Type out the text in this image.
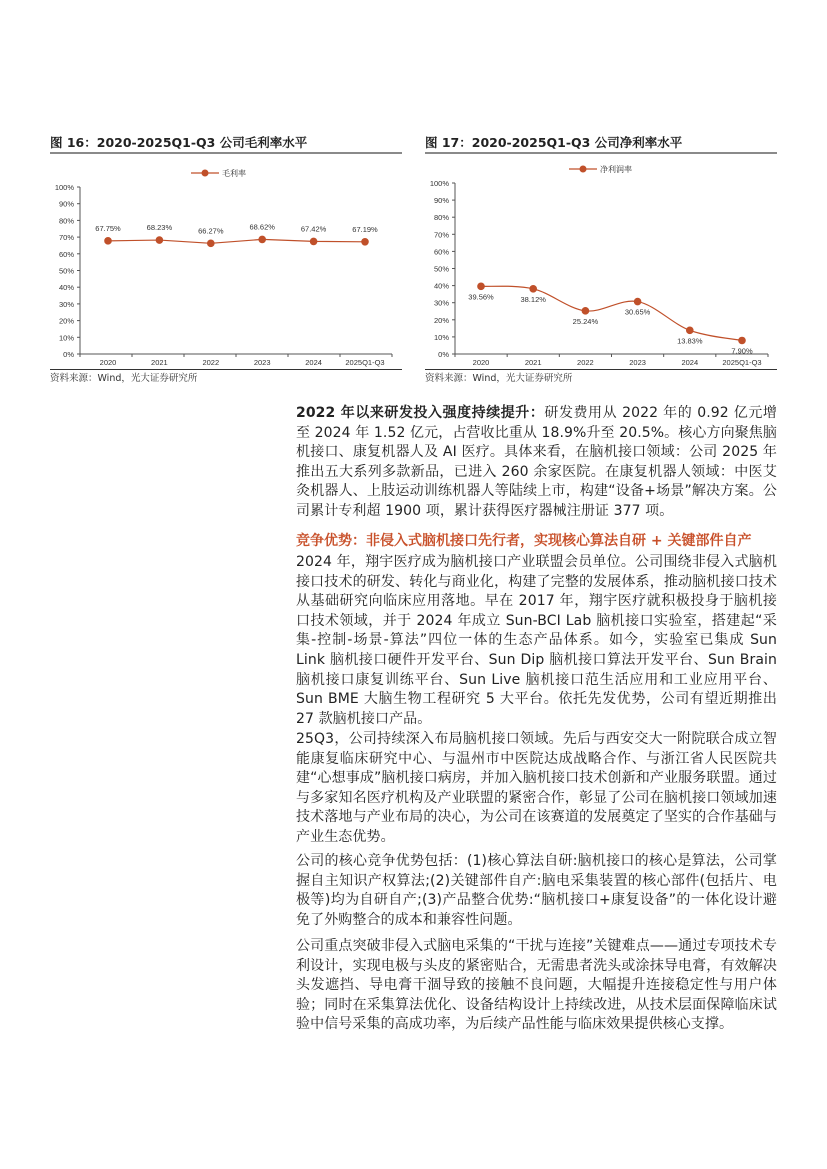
图 16：2020-2025Q1-Q3 公司毛利率水平
资料来源：Wind，光大证券研究所
图 17：2020-2025Q1-Q3 公司净利率水平
资料来源：Wind，光大证券研究所
0%
10%
20%
30%
40%
50%
60%
70%
80%
90%
100%
2020	2021	2022	2023	2024	2025Q1-Q3
毛利率
67.75%	68.23%	66.27%	68.62%	67.42%	67.19%
0%
10%
20%
30%
40%
50%
60%
70%
80%
90%
100%
2020	2021	2022	2023	2024	2025Q1-Q3
净利润率
39.56%	38.12%
25.24%
30.65%
13.83%
7.90%
2022 年以来研发投入强度持续提升：研发费用从 2022 年的 0.92 亿元增至 2024 年 1.52 亿元，占营收比重从 18.9%升至 20.5%。核心方向聚焦脑机接口、康复机器人及 AI 医疗。具体来看，在脑机接口领域：公司 2025 年推出五大系列多款新品，已进入 260 余家医院。在康复机器人领域：中医艾灸机器人、上肢运动训练机器人等陆续上市，构建“设备+场景”解决方案。公司累计专利超 1900 项，累计获得医疗器械注册证 377 项。
竞争优势：非侵入式脑机接口先行者，实现核心算法自研 + 关键部件自产
2024 年，翔宇医疗成为脑机接口产业联盟会员单位。公司围绕非侵入式脑机接口技术的研发、转化与商业化，构建了完整的发展体系，推动脑机接口技术从基础研究向临床应用落地。早在 2017 年，翔宇医疗就积极投身于脑机接口技术领域，并于 2024 年成立 Sun-BCI Lab 脑机接口实验室，搭建起“采集-控制-场景-算法”四位一体的生态产品体系。如今，实验室已集成 Sun Link 脑机接口硬件开发平台、Sun Dip 脑机接口算法开发平台、Sun Brain 脑机接口康复训练平台、Sun Live 脑机接口范生活应用和工业应用平台、Sun BME 大脑生物工程研究 5 大平台。依托先发优势，公司有望近期推出 27 款脑机接口产品。
25Q3，公司持续深入布局脑机接口领域。先后与西安交大一附院联合成立智能康复临床研究中心、与温州市中医院达成战略合作、与浙江省人民医院共建“心想事成”脑机接口病房，并加入脑机接口技术创新和产业服务联盟。通过与多家知名医疗机构及产业联盟的紧密合作，彰显了公司在脑机接口领域加速技术落地与产业布局的决心，为公司在该赛道的发展奠定了坚实的合作基础与产业生态优势。
公司的核心竞争优势包括：(1)核心算法自研:脑机接口的核心是算法，公司掌握自主知识产权算法;(2)关键部件自产:脑电采集装置的核心部件(包括片、电极等)均为自研自产;(3)产品整合优势:“脑机接口+康复设备”的一体化设计避免了外购整合的成本和兼容性问题。
公司重点突破非侵入式脑电采集的“干扰与连接”关键难点——通过专项技术专利设计，实现电极与头皮的紧密贴合，无需患者洗头或涂抹导电膏，有效解决头发遮挡、导电膏干涸导致的接触不良问题，大幅提升连接稳定性与用户体验；同时在采集算法优化、设备结构设计上持续改进，从技术层面保障临床试验中信号采集的高成功率，为后续产品性能与临床效果提供核心支撑。
